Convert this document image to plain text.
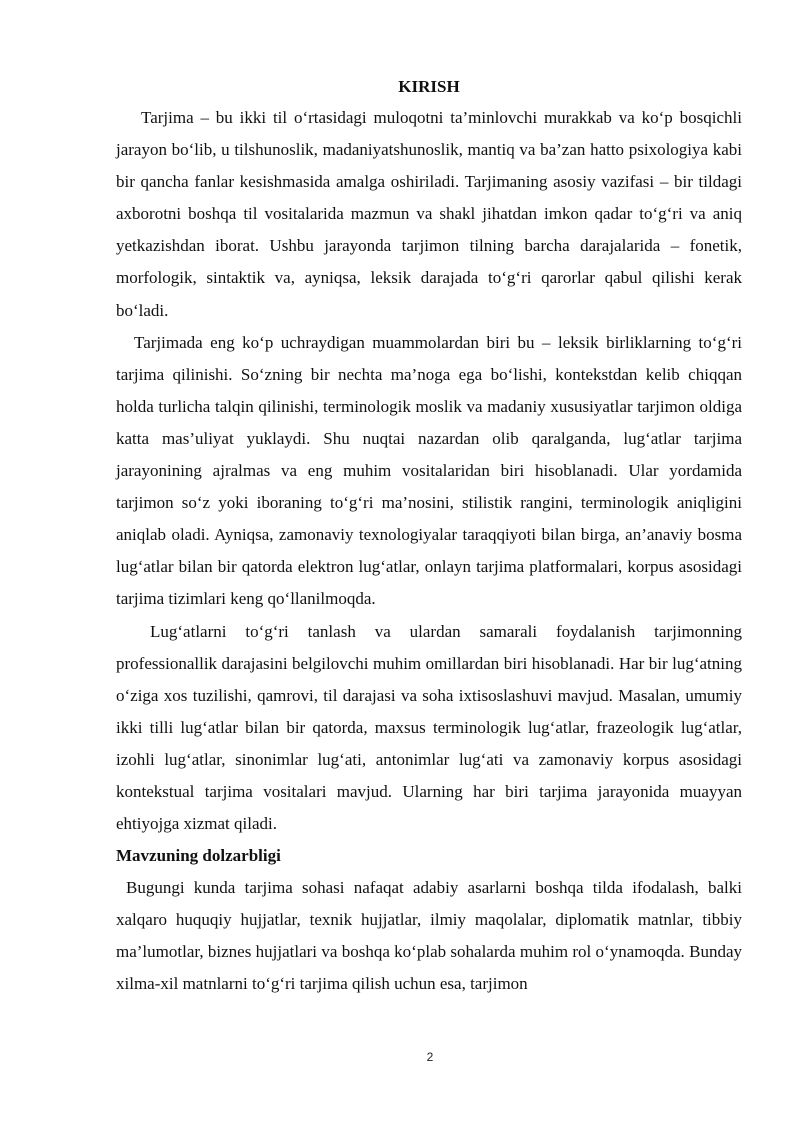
KIRISH

Tarjima – bu ikki til o‘rtasidagi muloqotni ta’minlovchi murakkab va ko‘p bosqichli jarayon bo‘lib, u tilshunoslik, madaniyatshunoslik, mantiq va ba’zan hatto psixologiya kabi bir qancha fanlar kesishmasida amalga oshiriladi. Tarjimaning asosiy vazifasi – bir tildagi axborotni boshqa til vositalarida mazmun va shakl jihatdan imkon qadar to‘g‘ri va aniq yetkazishdan iborat. Ushbu jarayonda tarjimon tilning barcha darajalarida – fonetik, morfologik, sintaktik va, ayniqsa, leksik darajada to‘g‘ri qarorlar qabul qilishi kerak bo‘ladi.

Tarjimada eng ko‘p uchraydigan muammolardan biri bu – leksik birliklarning to‘g‘ri tarjima qilinishi. So‘zning bir nechta ma’noga ega bo‘lishi, kontekstdan kelib chiqqan holda turlicha talqin qilinishi, terminologik moslik va madaniy xususiyatlar tarjimon oldiga katta mas’uliyat yuklaydi. Shu nuqtai nazardan olib qaralganda, lug‘atlar tarjima jarayonining ajralmas va eng muhim vositalaridan biri hisoblanadi. Ular yordamida tarjimon so‘z yoki iboraning to‘g‘ri ma’nosini, stilistik rangini, terminologik aniqligini aniqlab oladi. Ayniqsa, zamonaviy texnologiyalar taraqqiyoti bilan birga, an’anaviy bosma lug‘atlar bilan bir qatorda elektron lug‘atlar, onlayn tarjima platformalari, korpus asosidagi tarjima tizimlari keng qo‘llanilmoqda.

Lug‘atlarni to‘g‘ri tanlash va ulardan samarali foydalanish tarjimonning professionallik darajasini belgilovchi muhim omillardan biri hisoblanadi. Har bir lug‘atning o‘ziga xos tuzilishi, qamrovi, til darajasi va soha ixtisoslashuvi mavjud. Masalan, umumiy ikki tilli lug‘atlar bilan bir qatorda, maxsus terminologik lug‘atlar, frazeologik lug‘atlar, izohli lug‘atlar, sinonimlar lug‘ati, antonimlar lug‘ati va zamonaviy korpus asosidagi kontekstual tarjima vositalari mavjud. Ularning har biri tarjima jarayonida muayyan ehtiyojga xizmat qiladi.

Mavzuning dolzarbligi

Bugungi kunda tarjima sohasi nafaqat adabiy asarlarni boshqa tilda ifodalash, balki xalqaro huquqiy hujjatlar, texnik hujjatlar, ilmiy maqolalar, diplomatik matnlar, tibbiy ma’lumotlar, biznes hujjatlari va boshqa ko‘plab sohalarda muhim rol o‘ynamoqda. Bunday xilma-xil matnlarni to‘g‘ri tarjima qilish uchun esa, tarjimon

2
